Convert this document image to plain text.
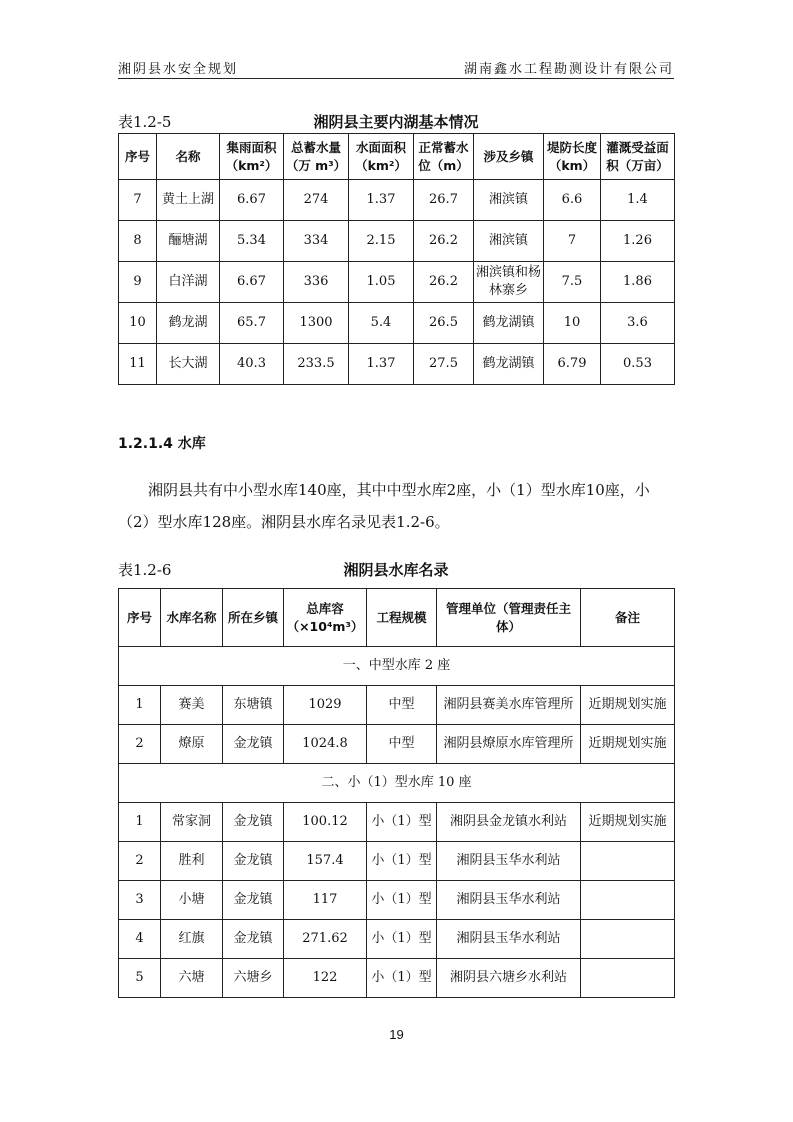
湘阴县水安全规划	湖南鑫水工程勘测设计有限公司
表1.2-5	湘阴县主要内湖基本情况
序号	名称	集雨面积（km²）	总蓄水量（万 m³）	水面面积（km²）	正常蓄水位（m）	涉及乡镇	堤防长度（km）	灌溉受益面积（万亩）
7	黄土上湖	6.67	274	1.37	26.7	湘滨镇	6.6	1.4
8	酾塘湖	5.34	334	2.15	26.2	湘滨镇	7	1.26
9	白洋湖	6.67	336	1.05	26.2	湘滨镇和杨林寨乡	7.5	1.86
10	鹤龙湖	65.7	1300	5.4	26.5	鹤龙湖镇	10	3.6
11	长大湖	40.3	233.5	1.37	27.5	鹤龙湖镇	6.79	0.53
1.2.1.4 水库
湘阴县共有中小型水库140座，其中中型水库2座，小（1）型水库10座，小（2）型水库128座。湘阴县水库名录见表1.2-6。
表1.2-6	湘阴县水库名录
序号	水库名称	所在乡镇	总库容（×10⁴m³）	工程规模	管理单位（管理责任主体）	备注
一、中型水库 2 座						
1	赛美	东塘镇	1029	中型	湘阴县赛美水库管理所	近期规划实施
2	燎原	金龙镇	1024.8	中型	湘阴县燎原水库管理所	近期规划实施
二、小（1）型水库 10 座						
1	常家洞	金龙镇	100.12	小（1）型	湘阴县金龙镇水利站	近期规划实施
2	胜利	金龙镇	157.4	小（1）型	湘阴县玉华水利站	
3	小塘	金龙镇	117	小（1）型	湘阴县玉华水利站	
4	红旗	金龙镇	271.62	小（1）型	湘阴县玉华水利站	
5	六塘	六塘乡	122	小（1）型	湘阴县六塘乡水利站	
19
